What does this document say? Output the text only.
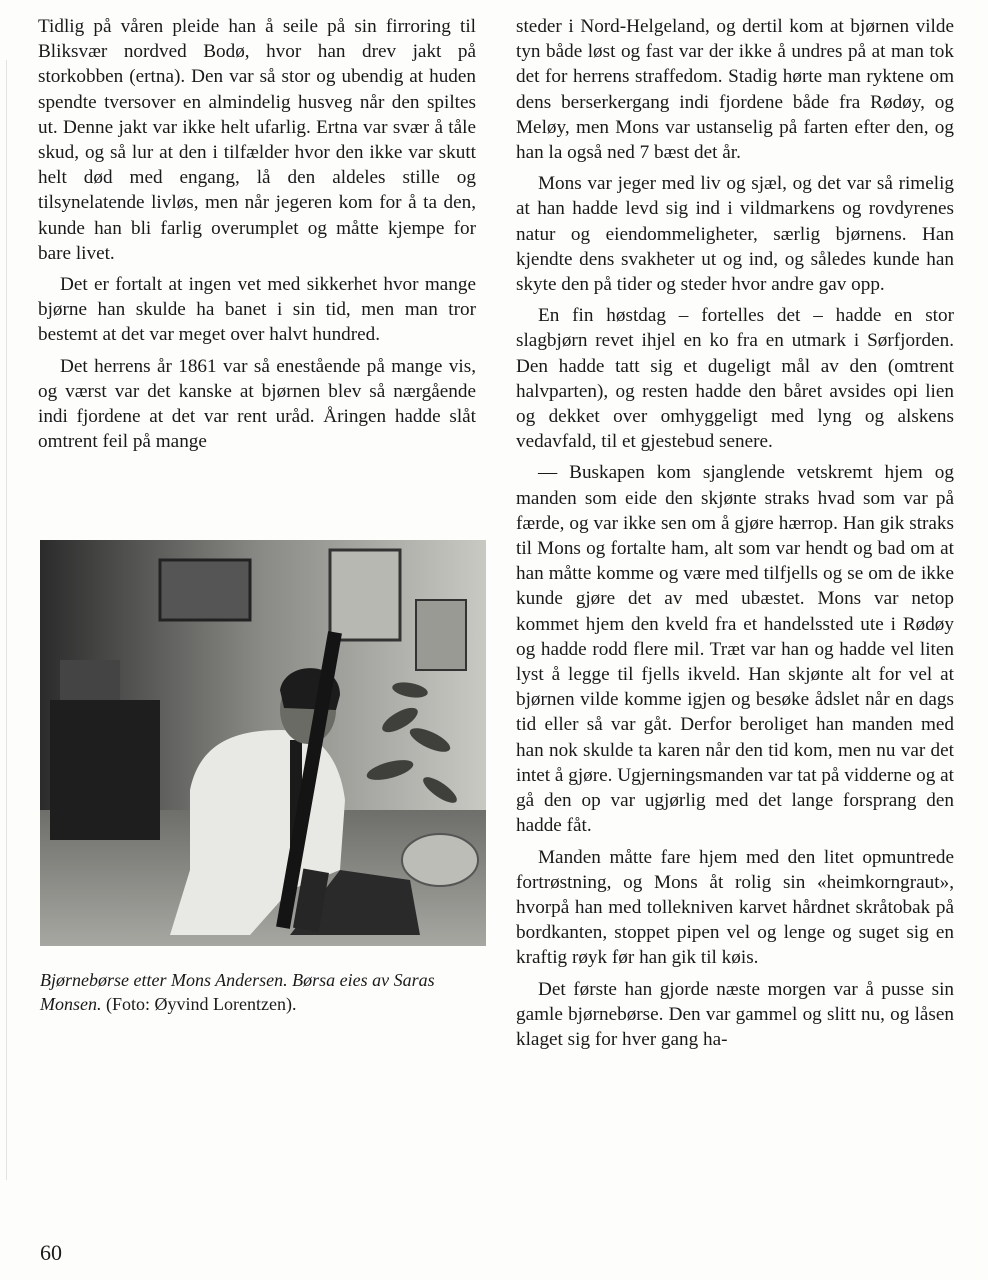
Tidlig på våren pleide han å seile på sin firroring til Bliksvær nordved Bodø, hvor han drev jakt på storkobben (ertna). Den var så stor og ubendig at huden spendte tversover en almindelig husveg når den spiltes ut. Denne jakt var ikke helt ufarlig. Ertna var svær å tåle skud, og så lur at den i tilfælder hvor den ikke var skutt helt død med engang, lå den aldeles stille og tilsynelatende livløs, men når jegeren kom for å ta den, kunde han bli farlig overumplet og måtte kjempe for bare livet.

Det er fortalt at ingen vet med sikkerhet hvor mange bjørne han skulde ha banet i sin tid, men man tror bestemt at det var meget over halvt hundred.

Det herrens år 1861 var så enestående på mange vis, og værst var det kanske at bjørnen blev så nærgående indi fjordene at det var rent uråd. Åringen hadde slåt omtrent feil på mange

Bjørnebørse etter Mons Andersen. Børsa eies av Saras Monsen. (Foto: Øyvind Lorentzen).

steder i Nord-Helgeland, og dertil kom at bjørnen vilde tyn både løst og fast var der ikke å undres på at man tok det for herrens straffedom. Stadig hørte man ryktene om dens berserkergang indi fjordene både fra Rødøy, og Meløy, men Mons var ustanselig på farten efter den, og han la også ned 7 bæst det år.

Mons var jeger med liv og sjæl, og det var så rimelig at han hadde levd sig ind i vildmarkens og rovdyrenes natur og eiendommeligheter, særlig bjørnens. Han kjendte dens svakheter ut og ind, og således kunde han skyte den på tider og steder hvor andre gav opp.

En fin høstdag – fortelles det – hadde en stor slagbjørn revet ihjel en ko fra en utmark i Sørfjorden. Den hadde tatt sig et dugeligt mål av den (omtrent halvparten), og resten hadde den båret avsides opi lien og dekket over omhyggeligt med lyng og alskens vedavfald, til et gjestebud senere.

— Buskapen kom sjanglende vetskremt hjem og manden som eide den skjønte straks hvad som var på færde, og var ikke sen om å gjøre hærrop. Han gik straks til Mons og fortalte ham, alt som var hendt og bad om at han måtte komme og være med tilfjells og se om de ikke kunde gjøre det av med ubæstet. Mons var netop kommet hjem den kveld fra et handelssted ute i Rødøy og hadde rodd flere mil. Træt var han og hadde vel liten lyst å legge til fjells ikveld. Han skjønte alt for vel at bjørnen vilde komme igjen og besøke ådslet når en dags tid eller så var gåt. Derfor beroliget han manden med han nok skulde ta karen når den tid kom, men nu var det intet å gjøre. Ugjerningsmanden var tat på vidderne og at gå den op var ugjørlig med det lange forsprang den hadde fåt.

Manden måtte fare hjem med den litet opmuntrede fortrøstning, og Mons åt rolig sin «heimkorngraut», hvorpå han med tollekniven karvet hårdnet skråtobak på bordkanten, stoppet pipen vel og lenge og suget sig en kraftig røyk før han gik til køis.

Det første han gjorde næste morgen var å pusse sin gamle bjørnebørse. Den var gammel og slitt nu, og låsen klaget sig for hver gang ha-

60
